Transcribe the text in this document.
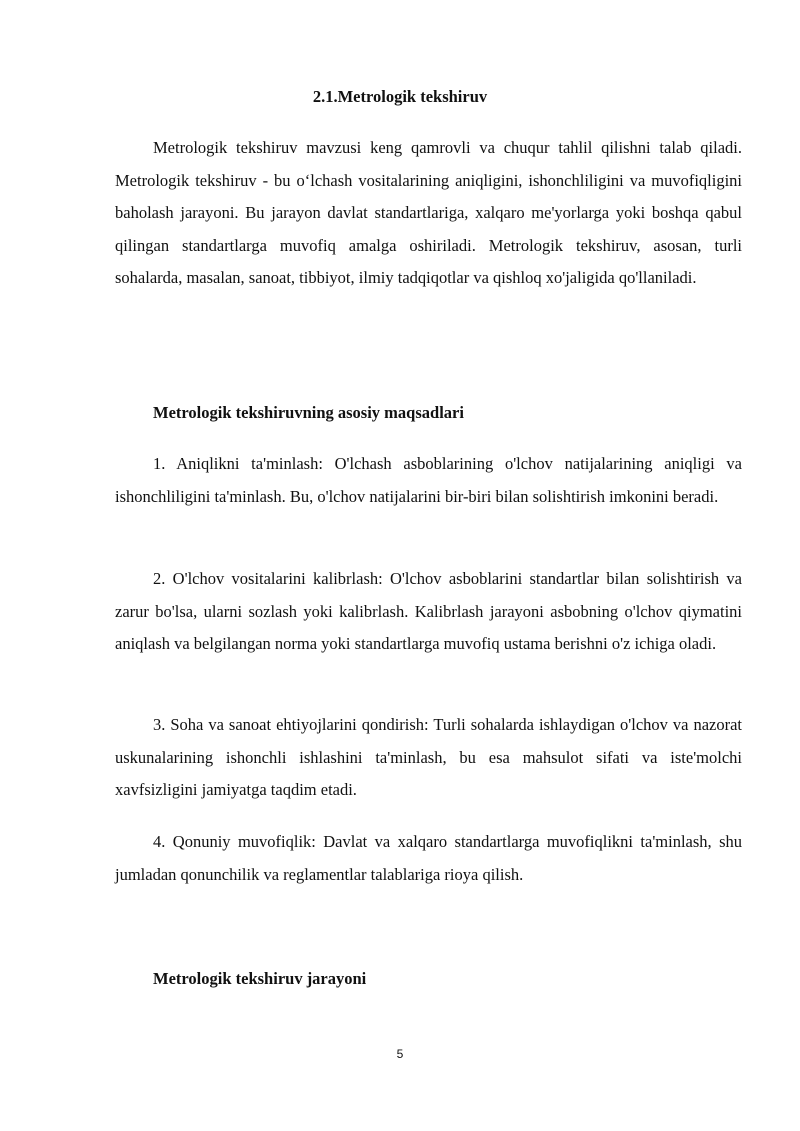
2.1.Metrologik tekshiruv

Metrologik tekshiruv mavzusi keng qamrovli va chuqur tahlil qilishni talab qiladi. Metrologik tekshiruv - bu o‘lchash vositalarining aniqligini, ishonchliligini va muvofiqligini baholash jarayoni. Bu jarayon davlat standartlariga, xalqaro me'yorlarga yoki boshqa qabul qilingan standartlarga muvofiq amalga oshiriladi. Metrologik tekshiruv, asosan, turli sohalarda, masalan, sanoat, tibbiyot, ilmiy tadqiqotlar va qishloq xo'jaligida qo'llaniladi.

Metrologik tekshiruvning asosiy maqsadlari

1. Aniqlikni ta'minlash: O'lchash asboblarining o'lchov natijalarining aniqligi va ishonchliligini ta'minlash. Bu, o'lchov natijalarini bir-biri bilan solishtirish imkonini beradi.

2. O'lchov vositalarini kalibrlash: O'lchov asboblarini standartlar bilan solishtirish va zarur bo'lsa, ularni sozlash yoki kalibrlash. Kalibrlash jarayoni asbobning o'lchov qiymatini aniqlash va belgilangan norma yoki standartlarga muvofiq ustama berishni o'z ichiga oladi.

3. Soha va sanoat ehtiyojlarini qondirish: Turli sohalarda ishlaydigan o'lchov va nazorat uskunalarining ishonchli ishlashini ta'minlash, bu esa mahsulot sifati va iste'molchi xavfsizligini jamiyatga taqdim etadi.

4. Qonuniy muvofiqlik: Davlat va xalqaro standartlarga muvofiqlikni ta'minlash, shu jumladan qonunchilik va reglamentlar talablariga rioya qilish.

Metrologik tekshiruv jarayoni
5
